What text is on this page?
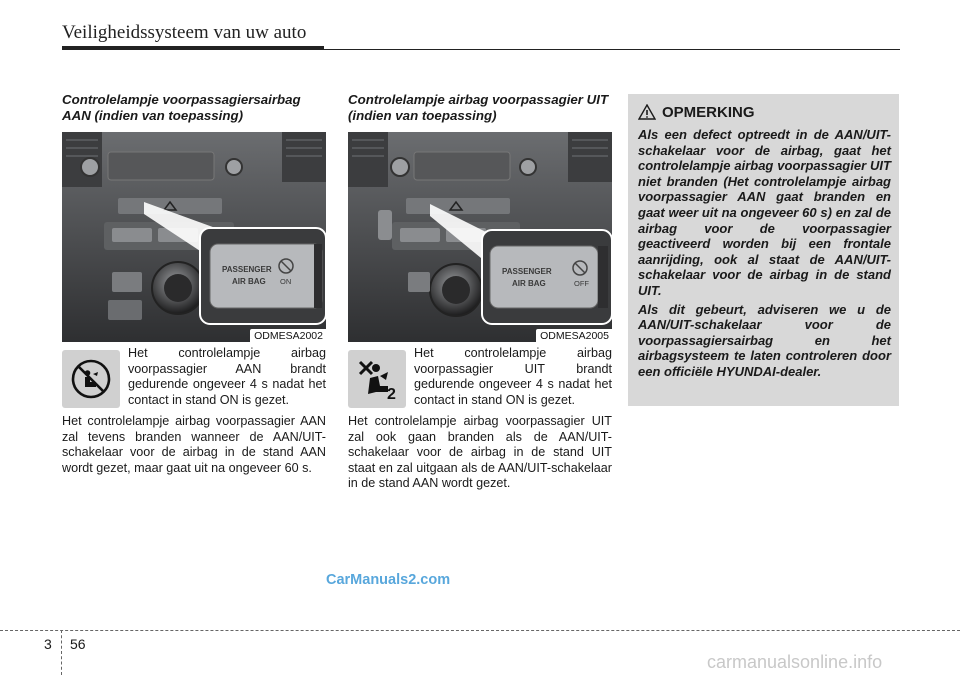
Veiligheidssysteem van uw auto
Controlelampje voorpassagiersairbag AAN (indien van toepassing)
PASSENGER
AIR BAG ON
ODMESA2002
Het controlelampje airbag voorpassagier AAN brandt gedurende ongeveer 4 s nadat het contact in stand ON is gezet.
Het controlelampje airbag voorpassagier AAN zal tevens branden wanneer de AAN/UIT-schakelaar voor de airbag in de stand AAN wordt gezet, maar gaat uit na ongeveer 60 s.
Controlelampje airbag voorpassagier UIT (indien van toepassing)
PASSENGER
AIR BAG	OFF
ODMESA2005
2
Het controlelampje airbag voorpassagier UIT brandt gedurende ongeveer 4 s nadat het contact in stand ON is gezet.
Het controlelampje airbag voorpassagier UIT zal ook gaan branden als de AAN/UIT-schakelaar voor de airbag in de stand UIT staat en zal uitgaan als de AAN/UIT-schakelaar in de stand AAN wordt gezet.
OPMERKING
Als een defect optreedt in de AAN/UIT-schakelaar voor de airbag, gaat het controlelampje airbag voorpassagier UIT niet branden (Het controlelampje airbag voorpassagier AAN gaat branden en gaat weer uit na ongeveer 60 s) en zal de airbag voor de voorpassagier geactiveerd worden bij een frontale aanrijding, ook al staat de AAN/UIT-schakelaar voor de airbag in de stand UIT.
Als dit gebeurt, adviseren we u de AAN/UIT-schakelaar voor de voorpassagiersairbag en het airbagsysteem te laten controleren door een officiële HYUNDAI-dealer.
CarManuals2.com
3 56
carmanualsonline.info
